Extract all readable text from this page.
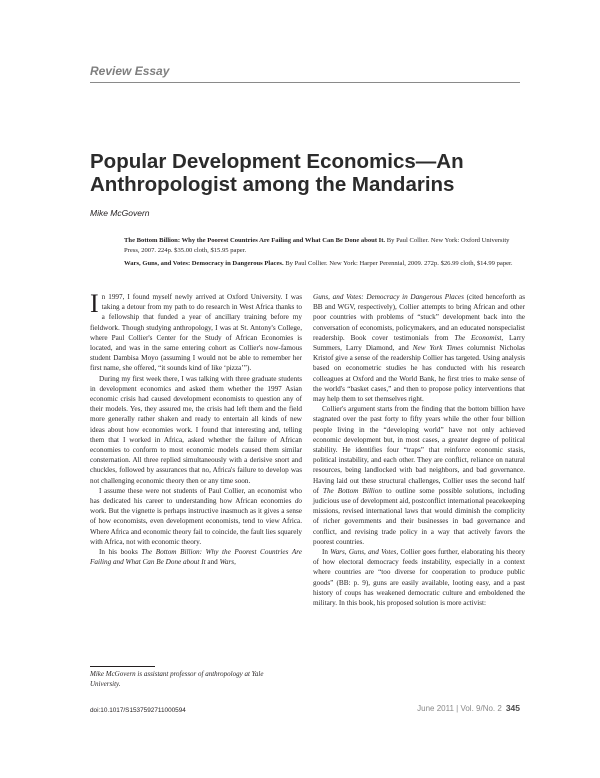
Review Essay
Popular Development Economics—An
Anthropologist among the Mandarins
Mike McGovern

The Bottom Billion: Why the Poorest Countries Are Failing and What Can Be Done about It. By Paul Collier. New York: Oxford University Press, 2007. 224p. $35.00 cloth, $15.95 paper.

Wars, Guns, and Votes: Democracy in Dangerous Places. By Paul Collier. New York: Harper Perennial, 2009. 272p. $26.99 cloth, $14.99 paper.

In 1997, I found myself newly arrived at Oxford University. I was taking a detour from my path to do research in West Africa thanks to a fellowship that funded a year of ancillary training before my fieldwork. Though studying anthropology, I was at St. Antony's College, where Paul Collier's Center for the Study of African Economies is located, and was in the same entering cohort as Collier's now-famous student Dambisa Moyo (assuming I would not be able to remember her first name, she offered, “it sounds kind of like ‘pizza’”).

During my first week there, I was talking with three graduate students in development economics and asked them whether the 1997 Asian economic crisis had caused development economists to question any of their models. Yes, they assured me, the crisis had left them and the field more generally rather shaken and ready to entertain all kinds of new ideas about how economies work. I found that interesting and, telling them that I worked in Africa, asked whether the failure of African economies to conform to most economic models caused them similar consternation. All three replied simultaneously with a derisive snort and chuckles, followed by assurances that no, Africa's failure to develop was not challenging economic theory then or any time soon.

I assume these were not students of Paul Collier, an economist who has dedicated his career to understanding how African economies do work. But the vignette is perhaps instructive inasmuch as it gives a sense of how economists, even development economists, tend to view Africa. Where Africa and economic theory fail to coincide, the fault lies squarely with Africa, not with economic theory.

In his books The Bottom Billion: Why the Poorest Countries Are Failing and What Can Be Done about It and Wars,

Guns, and Votes: Democracy in Dangerous Places (cited henceforth as BB and WGV, respectively), Collier attempts to bring African and other poor countries with problems of “stuck” development back into the conversation of economists, policymakers, and an educated nonspecialist readership. Book cover testimonials from The Economist, Larry Summers, Larry Diamond, and New York Times columnist Nicholas Kristof give a sense of the readership Collier has targeted. Using analysis based on econometric studies he has conducted with his research colleagues at Oxford and the World Bank, he first tries to make sense of the world's “basket cases,” and then to propose policy interventions that may help them to set themselves right.

Collier's argument starts from the finding that the bottom billion have stagnated over the past forty to fifty years while the other four billion people living in the “developing world” have not only achieved economic development but, in most cases, a greater degree of political stability. He identifies four “traps” that reinforce economic stasis, political instability, and each other. They are conflict, reliance on natural resources, being landlocked with bad neighbors, and bad governance. Having laid out these structural challenges, Collier uses the second half of The Bottom Billion to outline some possible solutions, including judicious use of development aid, postconflict international peacekeeping missions, revised international laws that would diminish the complicity of richer governments and their businesses in bad governance and conflict, and revising trade policy in a way that actively favors the poorest countries.

In Wars, Guns, and Votes, Collier goes further, elaborating his theory of how electoral democracy feeds instability, especially in a context where countries are “too diverse for cooperation to produce public goods” (BB: p. 9), guns are easily available, looting easy, and a past history of coups has weakened democratic culture and emboldened the military. In this book, his proposed solution is more activist:

Mike McGovern is assistant professor of anthropology at Yale University.
doi:10.1017/S1537592711000594	June 2011 | Vol. 9/No. 2 345
